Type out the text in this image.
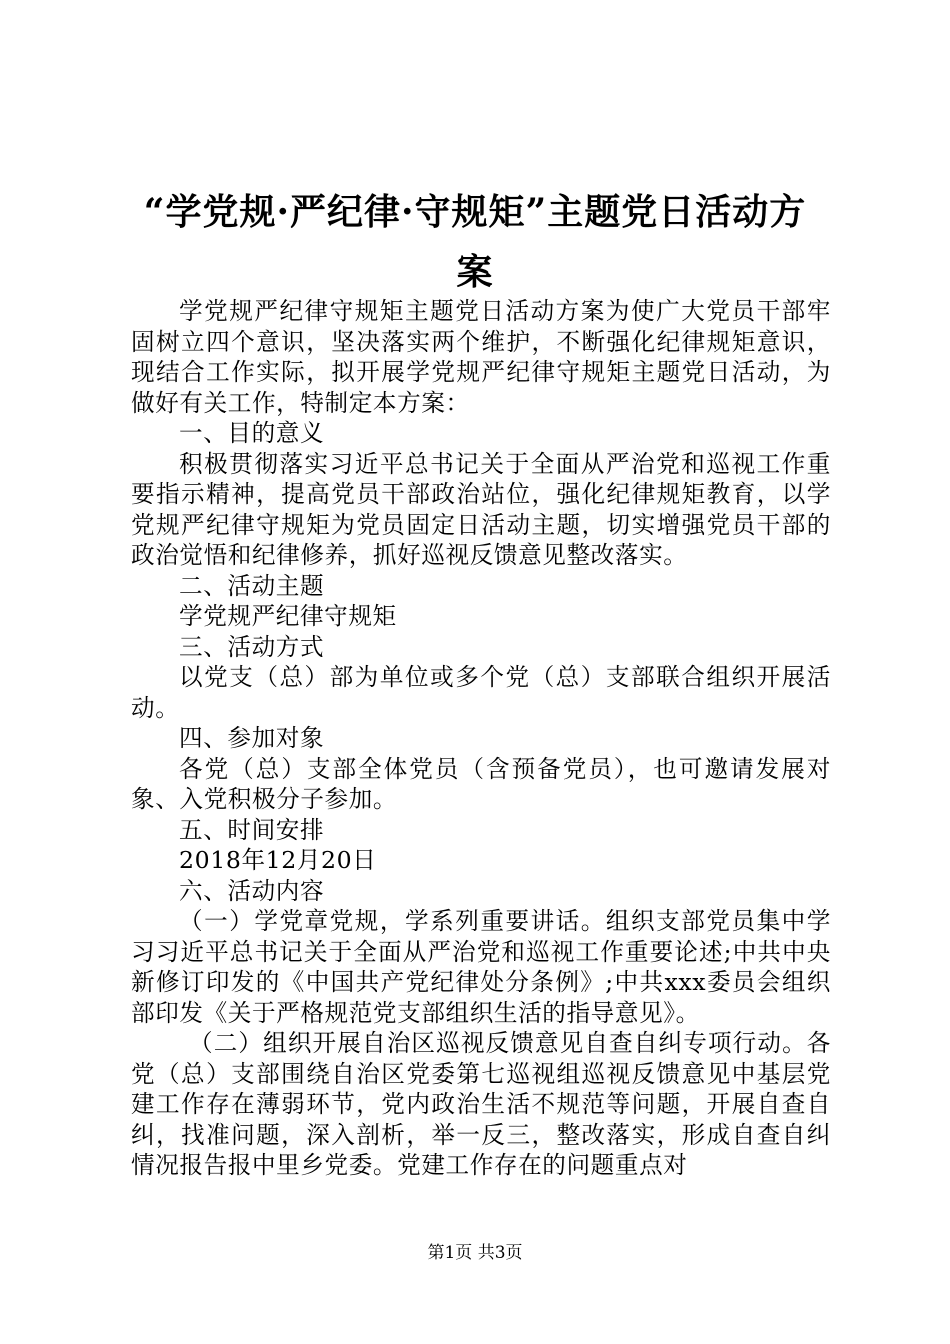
“学党规·严纪律·守规矩”主题党日活动方
案

学党规严纪律守规矩主题党日活动方案为使广大党员干部牢固树立四个意识，坚决落实两个维护，不断强化纪律规矩意识，现结合工作实际，拟开展学党规严纪律守规矩主题党日活动，为做好有关工作，特制定本方案：

一、目的意义

积极贯彻落实习近平总书记关于全面从严治党和巡视工作重要指示精神，提高党员干部政治站位，强化纪律规矩教育，以学党规严纪律守规矩为党员固定日活动主题，切实增强党员干部的政治觉悟和纪律修养，抓好巡视反馈意见整改落实。

二、活动主题

学党规严纪律守规矩

三、活动方式

以党支（总）部为单位或多个党（总）支部联合组织开展活动。

四、参加对象

各党（总）支部全体党员（含预备党员），也可邀请发展对象、入党积极分子参加。

五、时间安排

2018年12月20日

六、活动内容

（一）学党章党规，学系列重要讲话。组织支部党员集中学习习近平总书记关于全面从严治党和巡视工作重要论述;中共中央新修订印发的《中国共产党纪律处分条例》;中共xxx委员会组织部印发《关于严格规范党支部组织生活的指导意见》。

（二）组织开展自治区巡视反馈意见自查自纠专项行动。各党（总）支部围绕自治区党委第七巡视组巡视反馈意见中基层党建工作存在薄弱环节，党内政治生活不规范等问题，开展自查自纠，找准问题，深入剖析，举一反三，整改落实，形成自查自纠情况报告报中里乡党委。党建工作存在的问题重点对

第1页 共3页
